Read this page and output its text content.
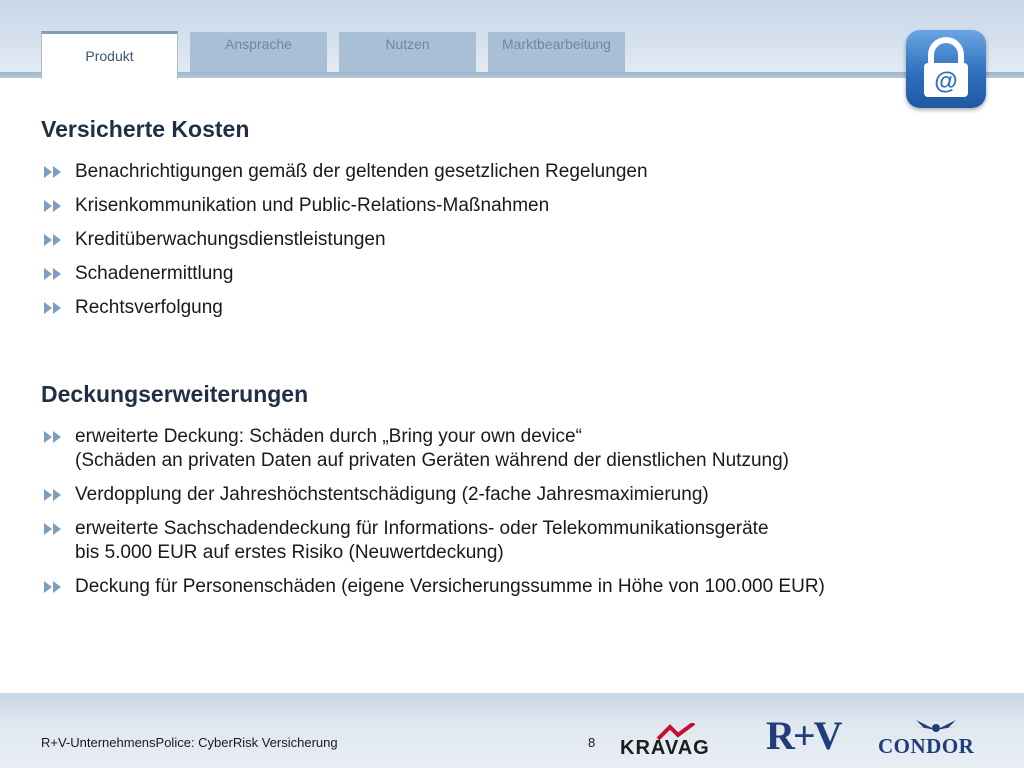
Produkt
Ansprache	Nutzen	Marktbearbeitung
@
Versicherte Kosten
Benachrichtigungen gemäß der geltenden gesetzlichen Regelungen
Krisenkommunikation und Public-Relations-Maßnahmen
Kreditüberwachungsdienstleistungen
Schadenermittlung
Rechtsverfolgung
Deckungserweiterungen
erweiterte Deckung: Schäden durch „Bring your own device“
(Schäden an privaten Daten auf privaten Geräten während der dienstlichen Nutzung)
Verdopplung der Jahreshöchstentschädigung (2-fache Jahresmaximierung)
erweiterte Sachschadendeckung für Informations- oder Telekommunikationsgeräte
bis 5.000 EUR auf erstes Risiko (Neuwertdeckung)
Deckung für Personenschäden (eigene Versicherungssumme in Höhe von 100.000 EUR)
R+V-UnternehmensPolice: CyberRisk Versicherung	8 KRAVAG R+V	CONDOR
